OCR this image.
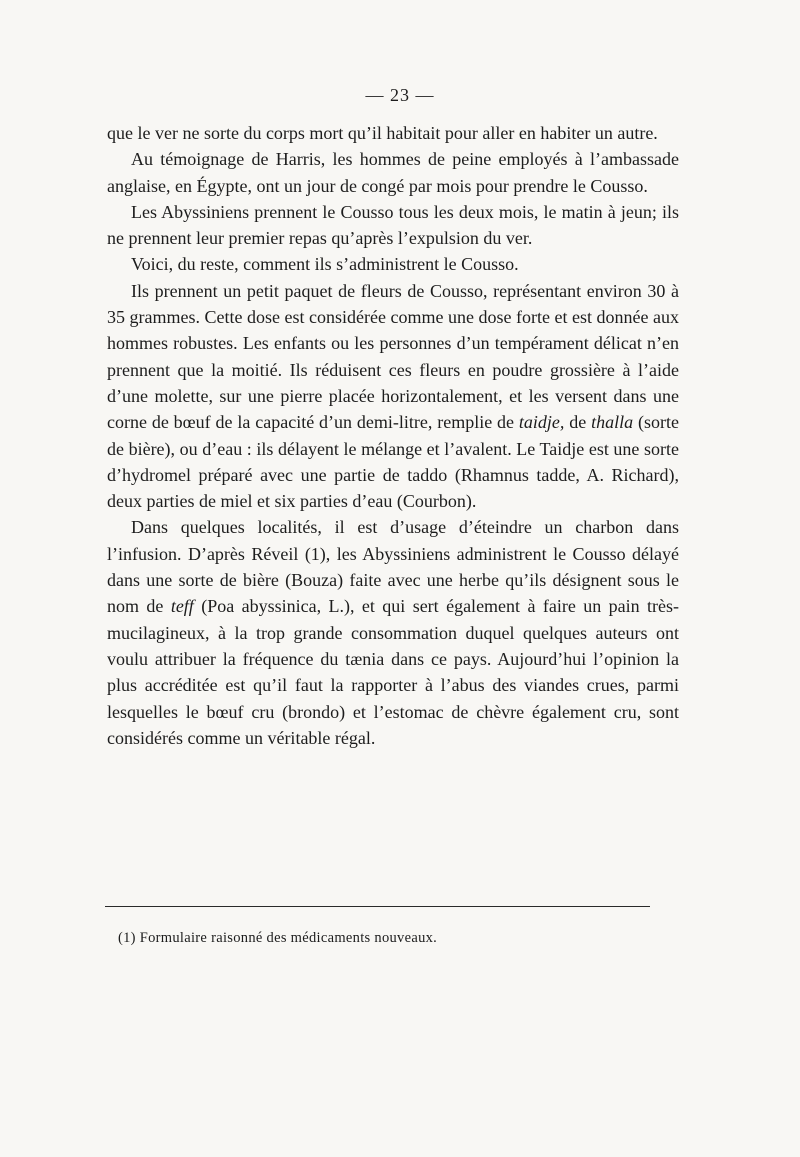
— 23 —

que le ver ne sorte du corps mort qu’il habitait pour aller en habiter un autre.

Au témoignage de Harris, les hommes de peine employés à l’ambassade anglaise, en Égypte, ont un jour de congé par mois pour prendre le Cousso.

Les Abyssiniens prennent le Cousso tous les deux mois, le matin à jeun; ils ne prennent leur premier repas qu’après l’expulsion du ver.

Voici, du reste, comment ils s’administrent le Cousso.

Ils prennent un petit paquet de fleurs de Cousso, représentant environ 30 à 35 grammes. Cette dose est considérée comme une dose forte et est donnée aux hommes robustes. Les enfants ou les personnes d’un tempérament délicat n’en prennent que la moitié. Ils réduisent ces fleurs en poudre grossière à l’aide d’une molette, sur une pierre placée horizontalement, et les versent dans une corne de bœuf de la capacité d’un demi-litre, remplie de taidje, de thalla (sorte de bière), ou d’eau : ils délayent le mélange et l’avalent. Le Taidje est une sorte d’hydromel préparé avec une partie de taddo (Rhamnus tadde, A. Richard), deux parties de miel et six parties d’eau (Courbon).

Dans quelques localités, il est d’usage d’éteindre un charbon dans l’infusion. D’après Réveil (1), les Abyssiniens administrent le Cousso délayé dans une sorte de bière (Bouza) faite avec une herbe qu’ils désignent sous le nom de teff (Poa abyssinica, L.), et qui sert également à faire un pain très-mucilagineux, à la trop grande consommation duquel quelques auteurs ont voulu attribuer la fréquence du tænia dans ce pays. Aujourd’hui l’opinion la plus accréditée est qu’il faut la rapporter à l’abus des viandes crues, parmi lesquelles le bœuf cru (brondo) et l’estomac de chèvre également cru, sont considérés comme un véritable régal.

(1) Formulaire raisonné des médicaments nouveaux.
